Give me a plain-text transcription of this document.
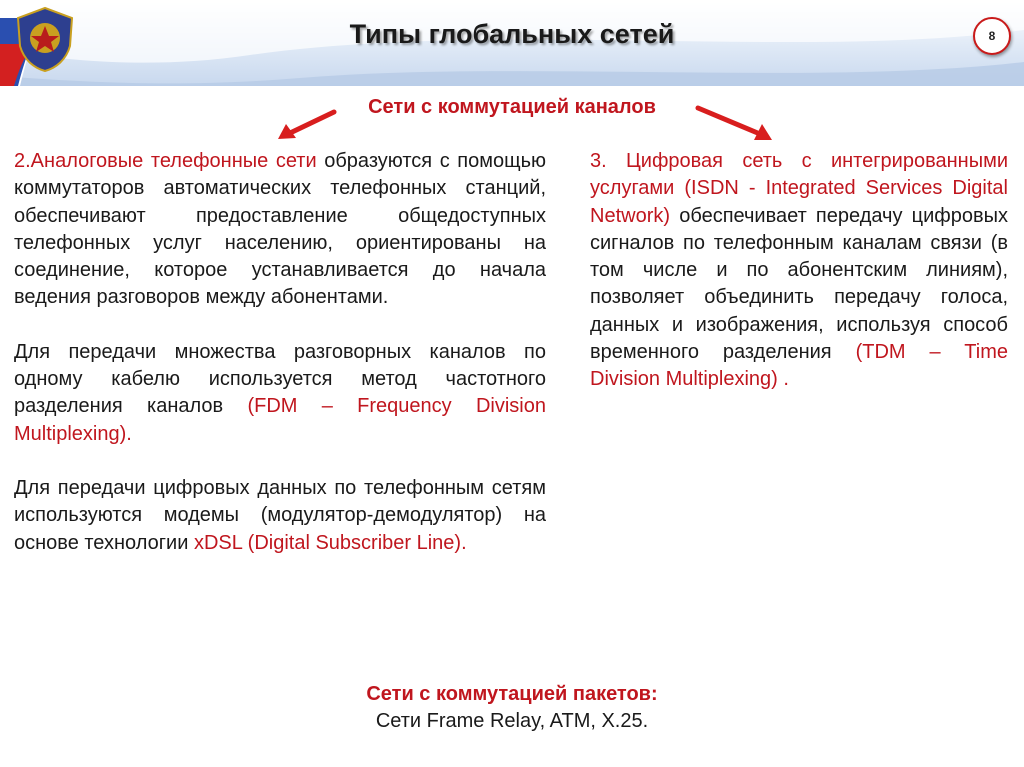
Типы глобальных сетей	8
Сети с коммутацией каналов

2.Аналоговые телефонные сети образуются с помощью коммутаторов автоматических телефонных станций, обеспечивают предоставление общедоступных телефонных услуг населению, ориентированы на соединение, которое устанавливается до начала ведения разговоров между абонентами.

Для передачи множества разговорных каналов по одному кабелю используется метод частотного разделения каналов (FDM – Frequency Division Multiplexing).

Для передачи цифровых данных по телефонным сетям используются модемы (модулятор-демодулятор) на основе технологии xDSL (Digital Subscriber Line).

3. Цифровая сеть с интегрированными услугами (ISDN - Integrated Services Digital Network) обеспечивает передачу цифровых сигналов по телефонным каналам связи (в том числе и по абонентским линиям), позволяет объединить передачу голоса, данных и изображения, используя способ временного разделения (TDM – Time Division Multiplexing) .

Сети с коммутацией пакетов:
Сети Frame Relay, ATM, X.25.
